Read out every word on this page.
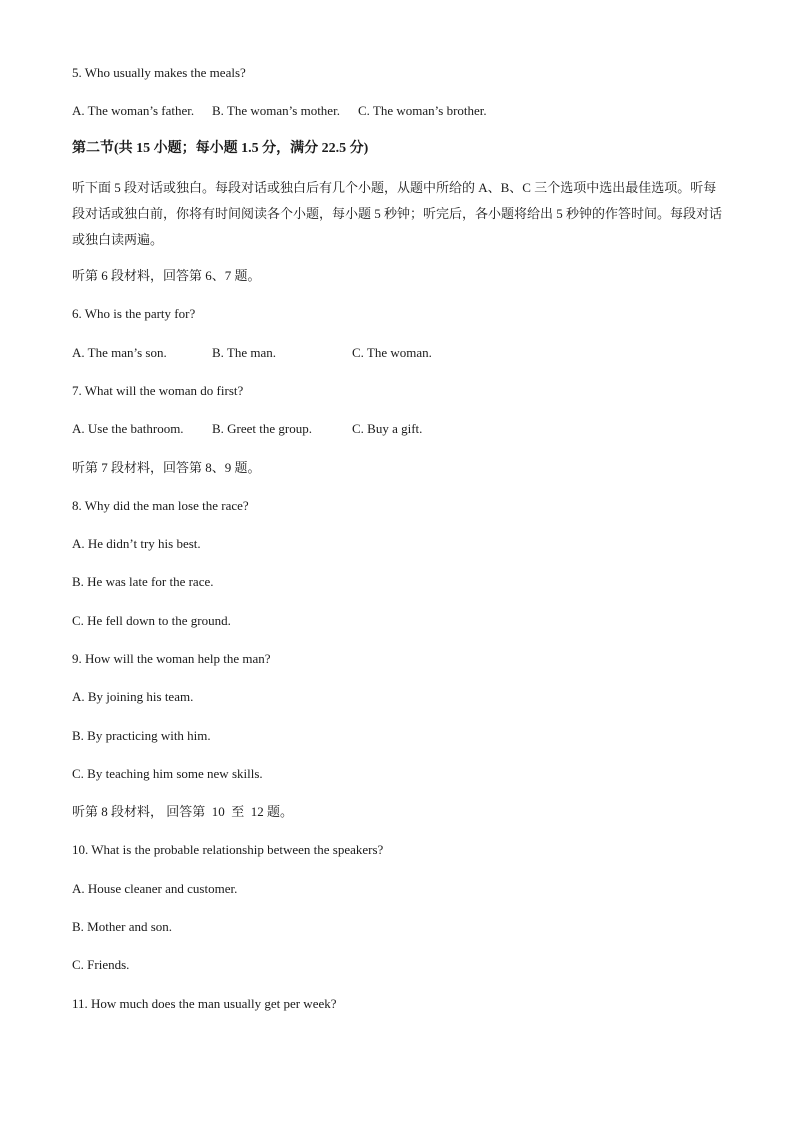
5. Who usually makes the meals?
A. The woman’s father. B. The woman’s mother. C. The woman’s brother.
第二节(共 15 小题；每小题 1.5 分，满分 22.5 分)
听下面 5 段对话或独白。每段对话或独白后有几个小题，从题中所给的 A、B、C 三个选项中选出最佳选项。听每段对话或独白前，你将有时间阅读各个小题，每小题 5 秒钟；听完后，各小题将给出 5 秒钟的作答时间。每段对话或独白读两遍。
听第 6 段材料，回答第 6、7 题。
6. Who is the party for?
A. The man’s son.	B. The man.	C. The woman.
7. What will the woman do first?
A. Use the bathroom. B. Greet the group.	C. Buy a gift.
听第 7 段材料，回答第 8、9 题。
8. Why did the man lose the race?
A. He didn’t try his best.
B. He was late for the race.
C. He fell down to the ground.
9. How will the woman help the man?
A. By joining his team.
B. By practicing with him.
C. By teaching him some new skills.
听第 8 段材料， 回答第  10  至  12 题。
10. What is the probable relationship between the speakers?
A. House cleaner and customer.
B. Mother and son.
C. Friends.
11. How much does the man usually get per week?
